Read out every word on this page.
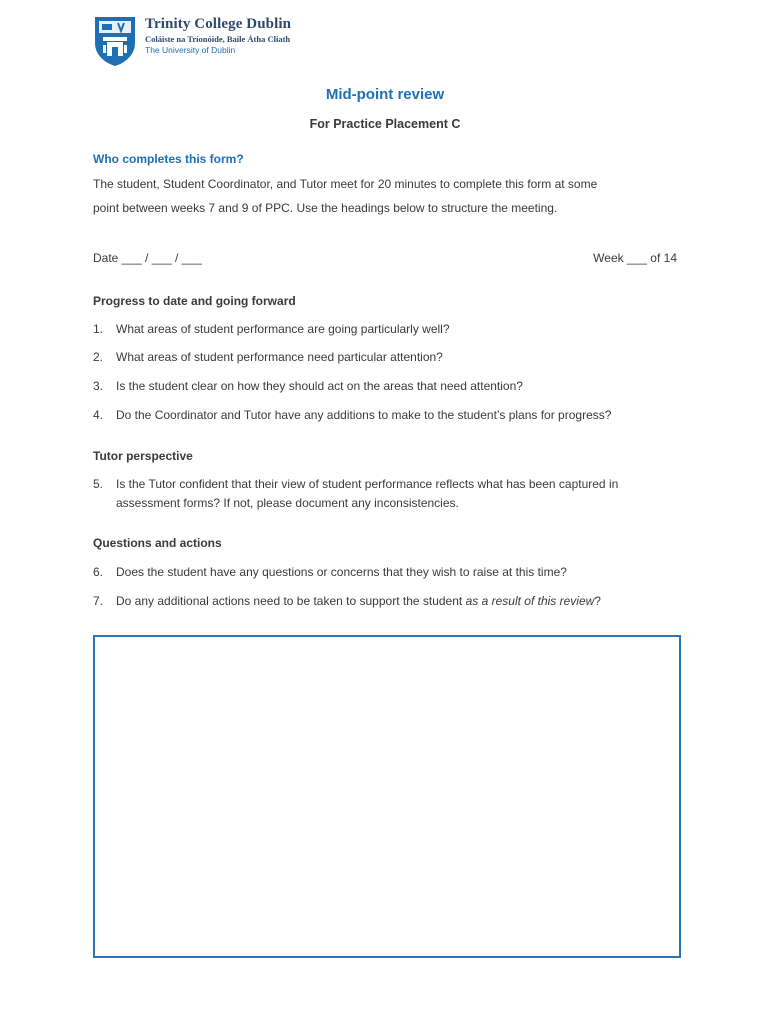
Trinity College Dublin
Coláiste na Tríonóide, Baile Átha Cliath
The University of Dublin
Mid-point review
For Practice Placement C
Who completes this form?
The student, Student Coordinator, and Tutor meet for 20 minutes to complete this form at some
point between weeks 7 and 9 of PPC. Use the headings below to structure the meeting.
Date ___ / ___ / ___	Week ___ of 14
Progress to date and going forward
1.	What areas of student performance are going particularly well?
2.	What areas of student performance need particular attention?
3.	Is the student clear on how they should act on the areas that need attention?
4.	Do the Coordinator and Tutor have any additions to make to the student’s plans for progress?
Tutor perspective
5.	Is the Tutor confident that their view of student performance reflects what has been captured in assessment forms? If not, please document any inconsistencies.
Questions and actions
6.	Does the student have any questions or concerns that they wish to raise at this time?
7.	Do any additional actions need to be taken to support the student as a result of this review?
